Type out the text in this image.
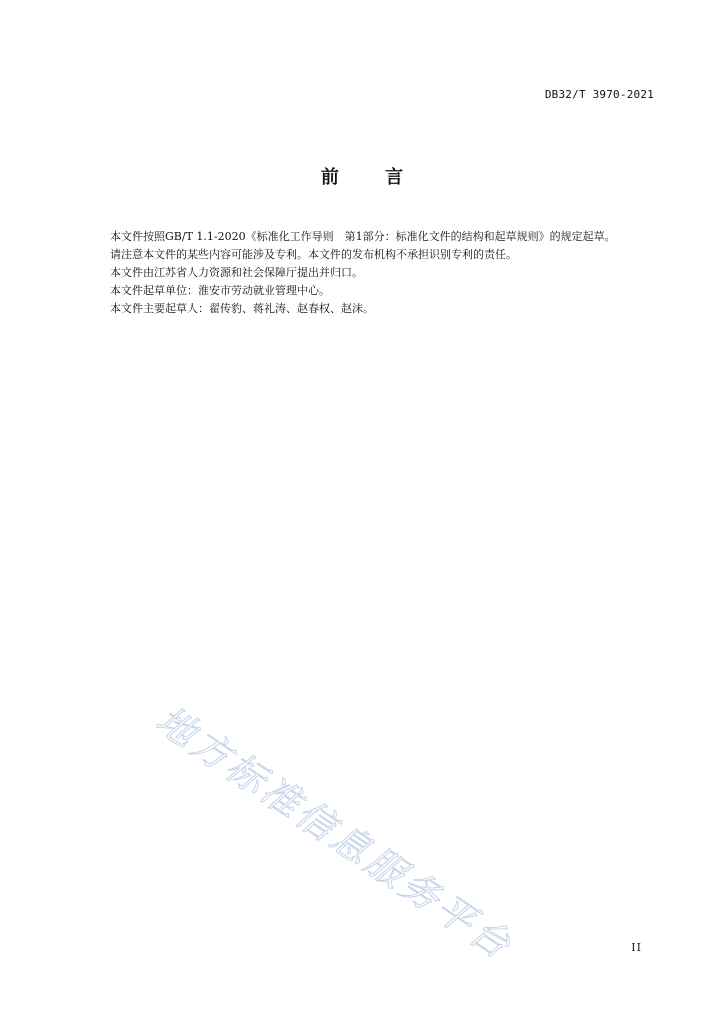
DB32/T 3970-2021
前 言

本文件按照GB/T 1.1-2020《标准化工作导则　第1部分：标准化文件的结构和起草规则》的规定起草。

请注意本文件的某些内容可能涉及专利。本文件的发布机构不承担识别专利的责任。

本文件由江苏省人力资源和社会保障厅提出并归口。

本文件起草单位：淮安市劳动就业管理中心。

本文件主要起草人：翟传豹、蒋礼涛、赵春权、赵沫。

地方标准信息服务平台	II
